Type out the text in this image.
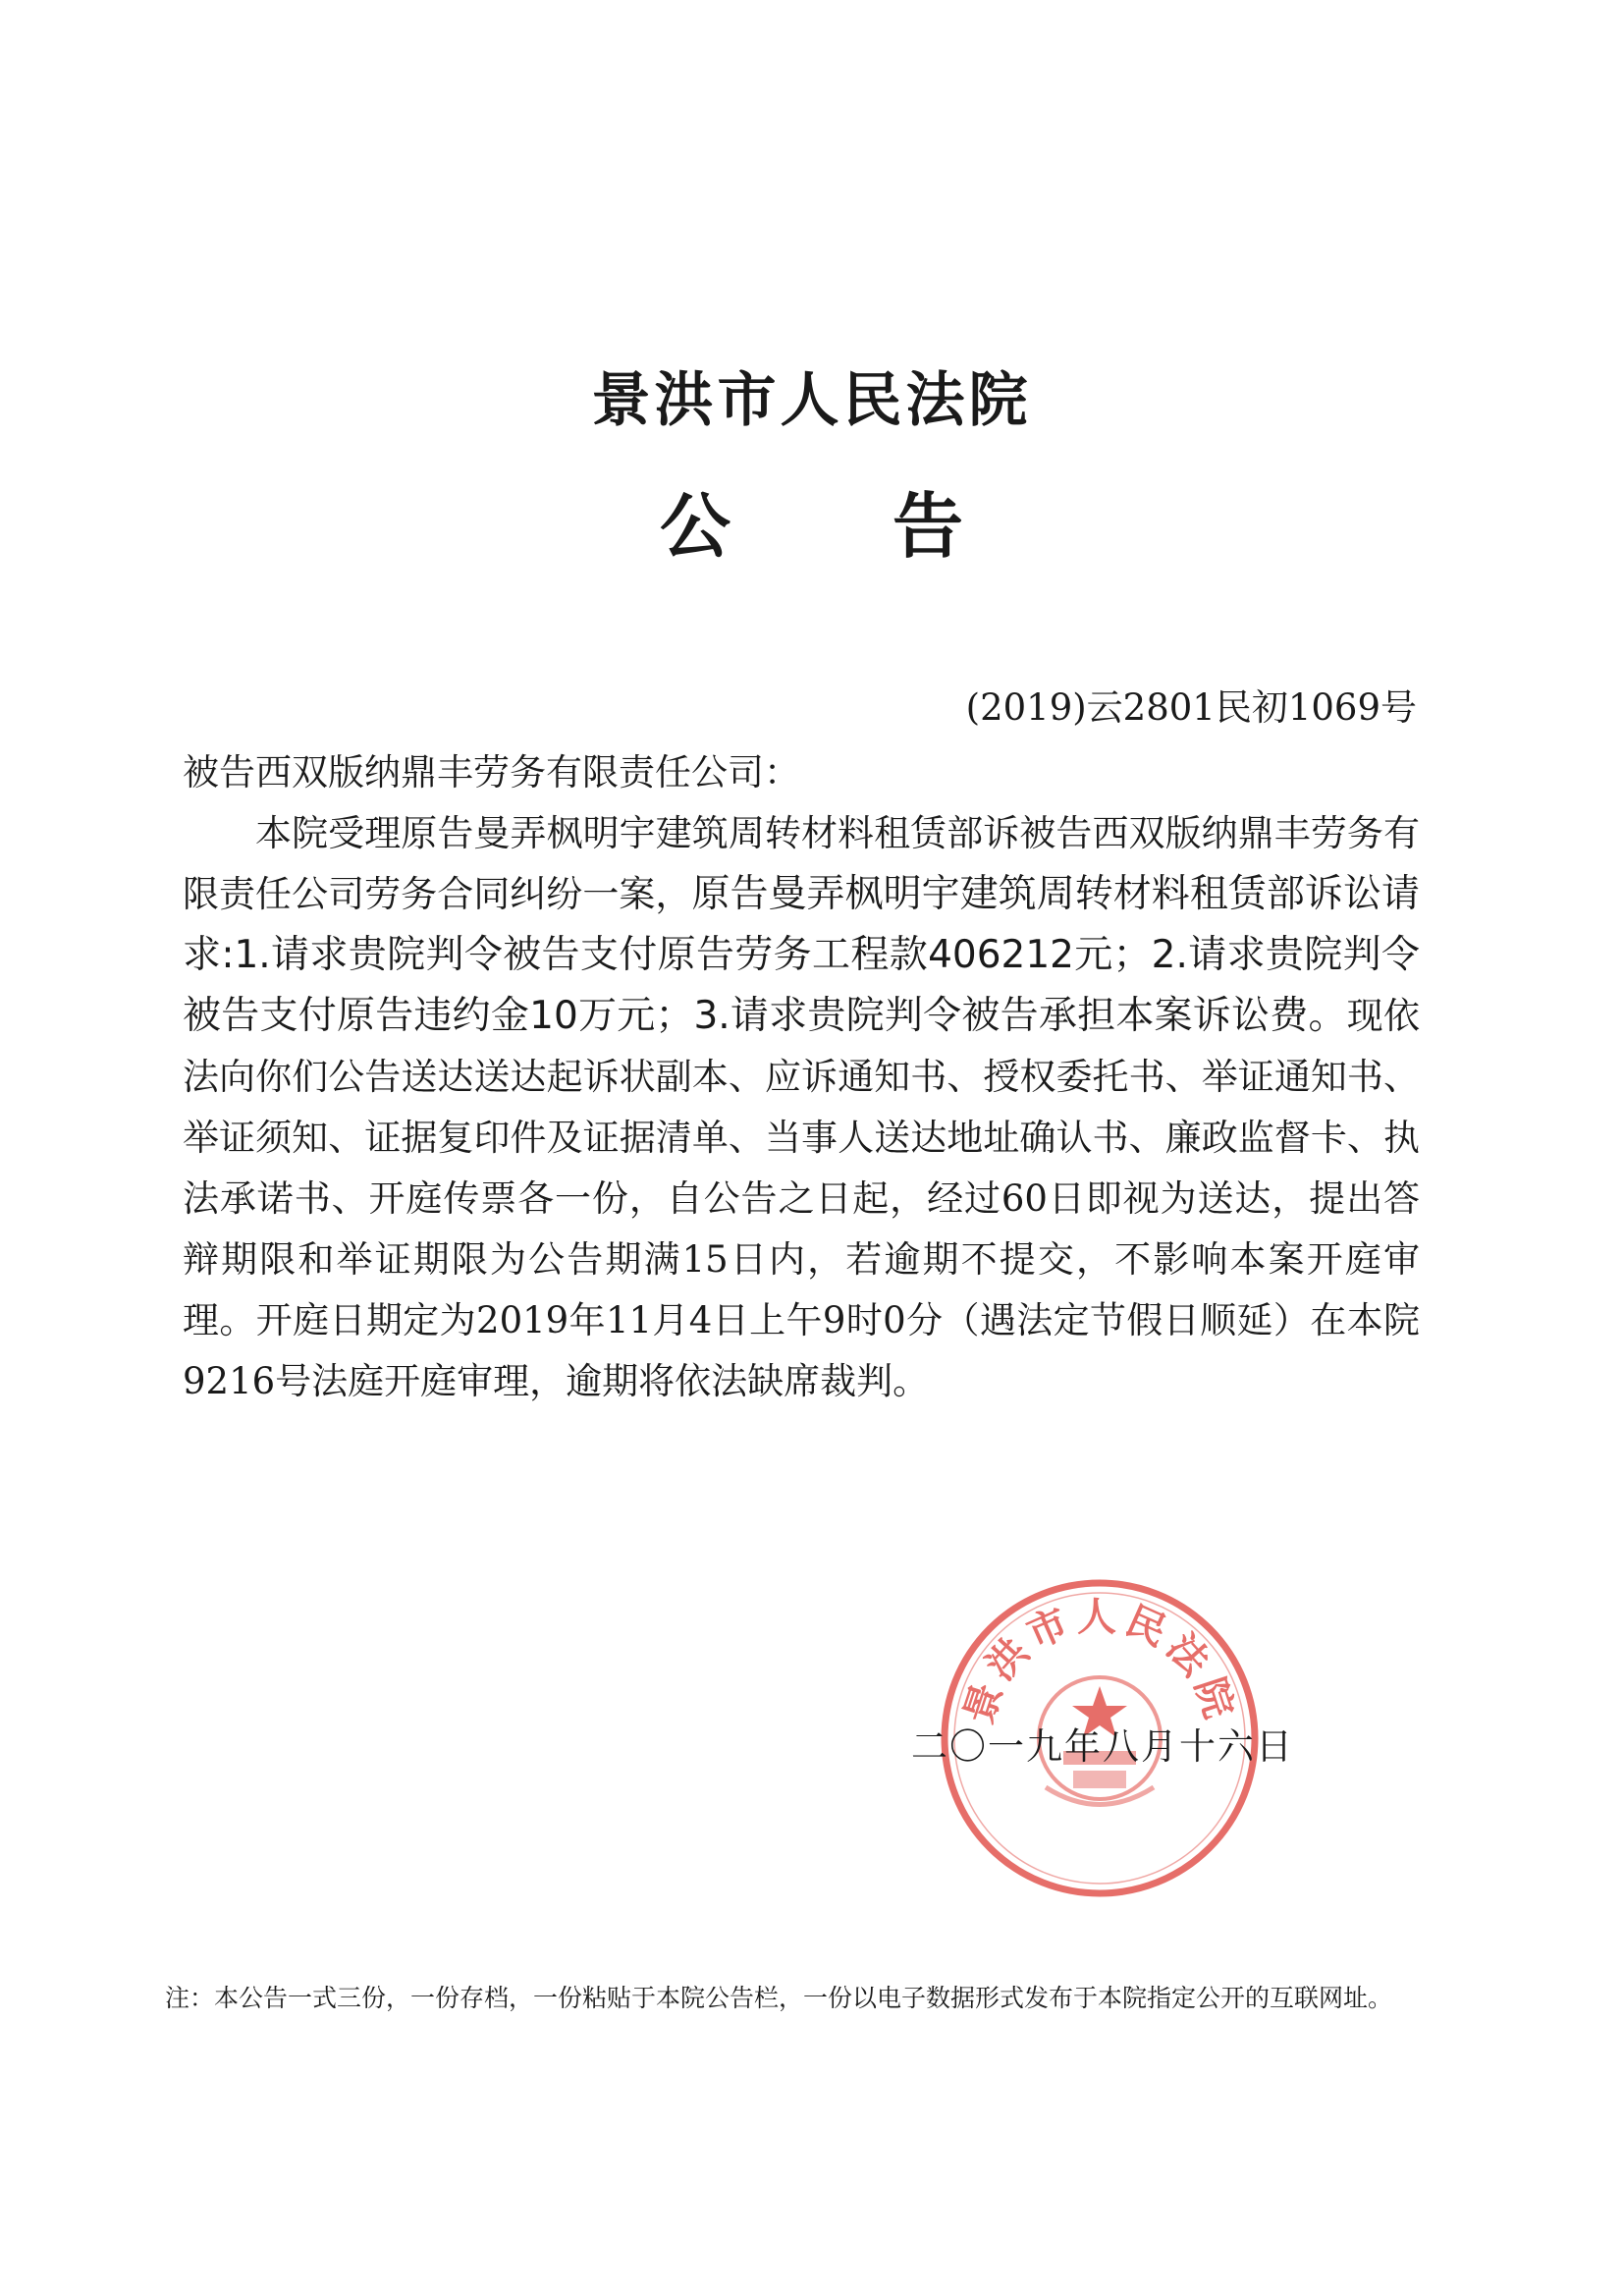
景洪市人民法院
公 告
(2019)云2801民初1069号

被告西双版纳鼎丰劳务有限责任公司：

本院受理原告曼弄枫明宇建筑周转材料租赁部诉被告西双版纳鼎丰劳务有限责任公司劳务合同纠纷一案，原告曼弄枫明宇建筑周转材料租赁部诉讼请求:1.请求贵院判令被告支付原告劳务工程款406212元；2.请求贵院判令被告支付原告违约金10万元；3.请求贵院判令被告承担本案诉讼费。现依法向你们公告送达送达起诉状副本、应诉通知书、授权委托书、举证通知书、举证须知、证据复印件及证据清单、当事人送达地址确认书、廉政监督卡、执法承诺书、开庭传票各一份，自公告之日起，经过60日即视为送达，提出答辩期限和举证期限为公告期满15日内，若逾期不提交，不影响本案开庭审理。开庭日期定为2019年11月4日上午9时0分（遇法定节假日顺延）在本院9216号法庭开庭审理，逾期将依法缺席裁判。

景洪市人民法院
二〇一九年八月十六日
注：本公告一式三份，一份存档，一份粘贴于本院公告栏，一份以电子数据形式发布于本院指定公开的互联网址。
